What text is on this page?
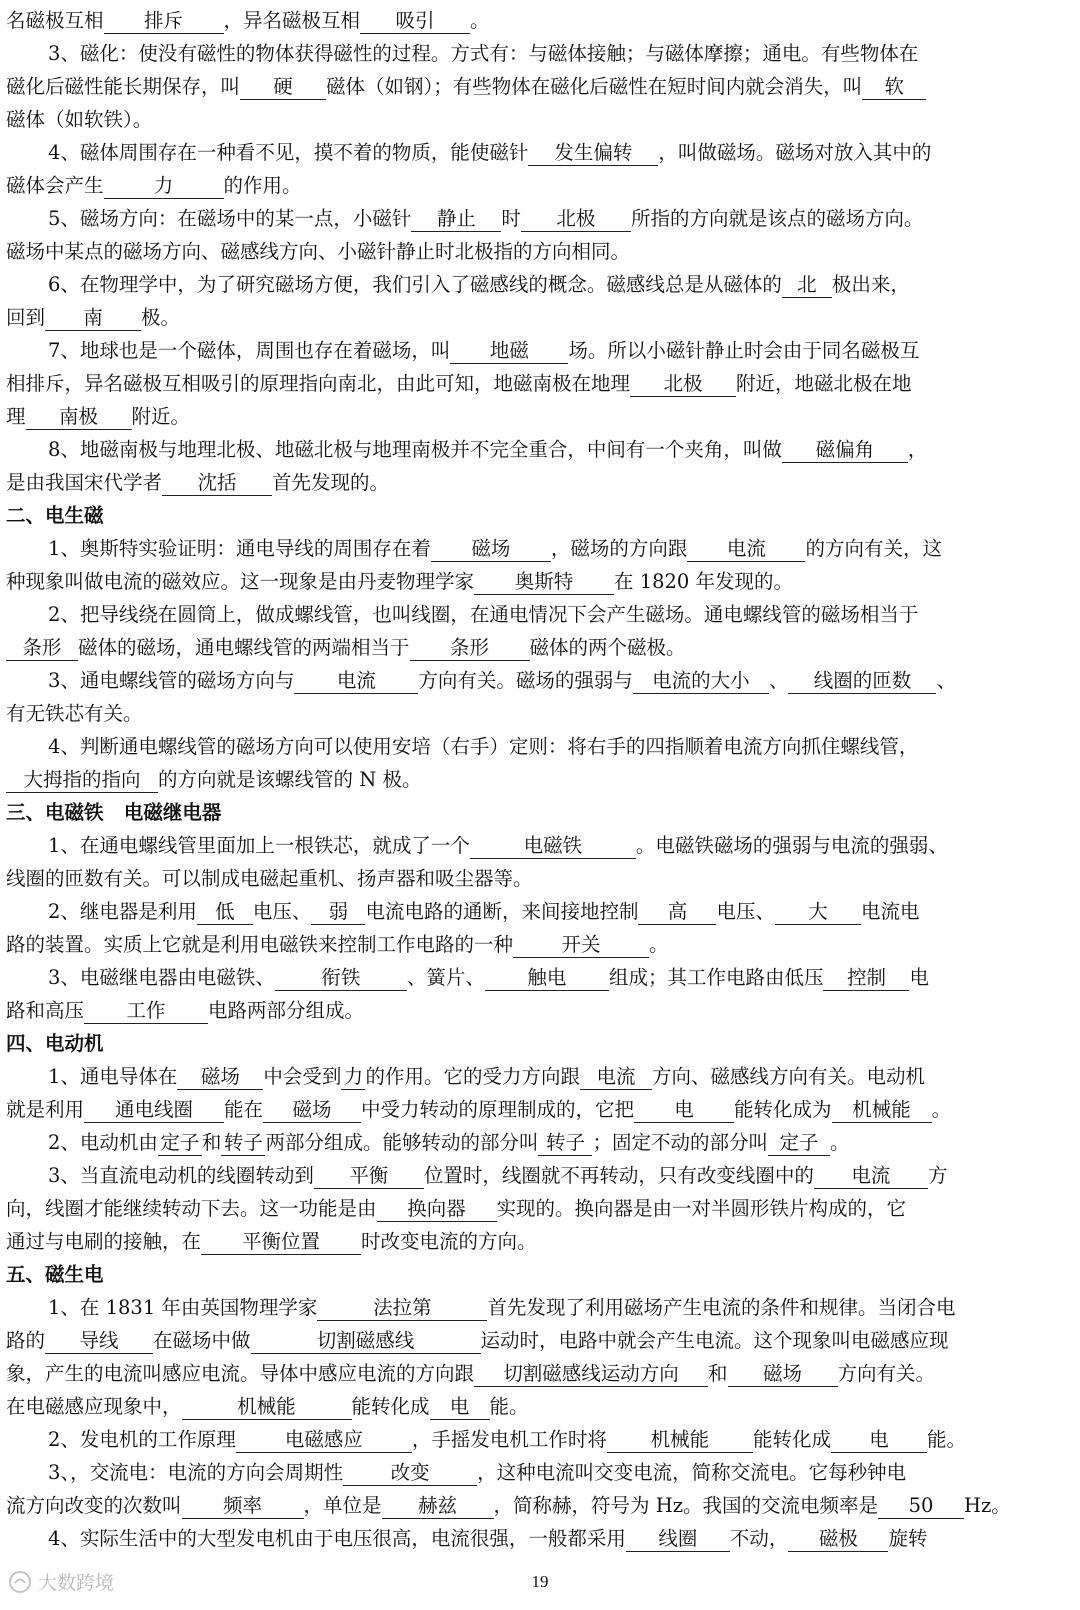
名磁极互相 排斥 ，异名磁极互相 吸引 。
3、磁化：使没有磁性的物体获得磁性的过程。方式有：与磁体接触；与磁体摩擦；通电。有些物体在
磁化后磁性能长期保存，叫 硬 磁体（如钢）；有些物体在磁化后磁性在短时间内就会消失，叫 软
磁体（如软铁）。
4、磁体周围存在一种看不见，摸不着的物质，能使磁针 发生偏转 ，叫做磁场。磁场对放入其中的
磁体会产生	力	的作用。
5、磁场方向：在磁场中的某一点，小磁针 静止 时 北极 所指的方向就是该点的磁场方向。
磁场中某点的磁场方向、磁感线方向、小磁针静止时北极指的方向相同。
6、在物理学中，为了研究磁场方便，我们引入了磁感线的概念。磁感线总是从磁体的 北 极出来，
回到 南 极。
7、地球也是一个磁体，周围也存在着磁场，叫 地磁 场。所以小磁针静止时会由于同名磁极互
相排斥，异名磁极互相吸引的原理指向南北，由此可知，地磁南极在地理 北极 附近，地磁北极在地
理 南极 附近。
8、地磁南极与地理北极、地磁北极与地理南极并不完全重合，中间有一个夹角，叫做 磁偏角 ，
是由我国宋代学者 沈括 首先发现的。
二、电生磁
1、奥斯特实验证明：通电导线的周围存在着 磁场 ，磁场的方向跟 电流 的方向有关，这
种现象叫做电流的磁效应。这一现象是由丹麦物理学家 奥斯特 在 1820 年发现的。
2、把导线绕在圆筒上，做成螺线管，也叫线圈，在通电情况下会产生磁场。通电螺线管的磁场相当于
条形 磁体的磁场，通电螺线管的两端相当于 条形 磁体的两个磁极。
3、通电螺线管的磁场方向与 电流 方向有关。磁场的强弱与 电流的大小 、 线圈的匝数 、
有无铁芯有关。
4、判断通电螺线管的磁场方向可以使用安培（右手）定则：将右手的四指顺着电流方向抓住螺线管，
大拇指的指向 的方向就是该螺线管的 N 极。
三、电磁铁   电磁继电器
1、在通电螺线管里面加上一根铁芯，就成了一个	电磁铁	。电磁铁磁场的强弱与电流的强弱、
线圈的匝数有关。可以制成电磁起重机、扬声器和吸尘器等。
2、继电器是利用 低 电压、 弱 电流电路的通断，来间接地控制 高 电压、 大 电流电
路的装置。实质上它就是利用电磁铁来控制工作电路的一种 开关 。
3、电磁继电器由电磁铁、 衔铁 、簧片、 触电 组成；其工作电路由低压 控制 电
路和高压 工作 电路两部分组成。
四、电动机
1、通电导体在 磁场 中会受到 力 的作用。它的受力方向跟 电流 方向、磁感线方向有关。电动机
就是利用 通电线圈 能在 磁场 中受力转动的原理制成的，它把 电 能转化成为 机械能 。
2、电动机由 定子 和 转子 两部分组成。能够转动的部分叫 转子 ；固定不动的部分叫 定子 。
3、当直流电动机的线圈转动到 平衡 位置时，线圈就不再转动，只有改变线圈中的 电流 方
向，线圈才能继续转动下去。这一功能是由 换向器 实现的。换向器是由一对半圆形铁片构成的，它
通过与电刷的接触，在 平衡位置 时改变电流的方向。
五、磁生电
1、在 1831 年由英国物理学家	法拉第	首先发现了利用磁场产生电流的条件和规律。当闭合电
路的 导线 在磁场中做	切割磁感线	运动时，电路中就会产生电流。这个现象叫电磁感应现
象，产生的电流叫感应电流。导体中感应电流的方向跟 切割磁感线运动方向 和 磁场 方向有关。
在电磁感应现象中，	机械能	能转化成 电 能。
2、发电机的工作原理	电磁感应	，手摇发电机工作时将 机械能 能转化成 电 能。
3、，交流电：电流的方向会周期性 改变 ，这种电流叫交变电流，简称交流电。它每秒钟电
流方向改变的次数叫 频率 ，单位是 赫兹 ，简称赫，符号为 Hz。我国的交流电频率是 50 Hz。
4、实际生活中的大型发电机由于电压很高，电流很强，一般都采用 线圈 不动， 磁极 旋转
大数跨境	19
